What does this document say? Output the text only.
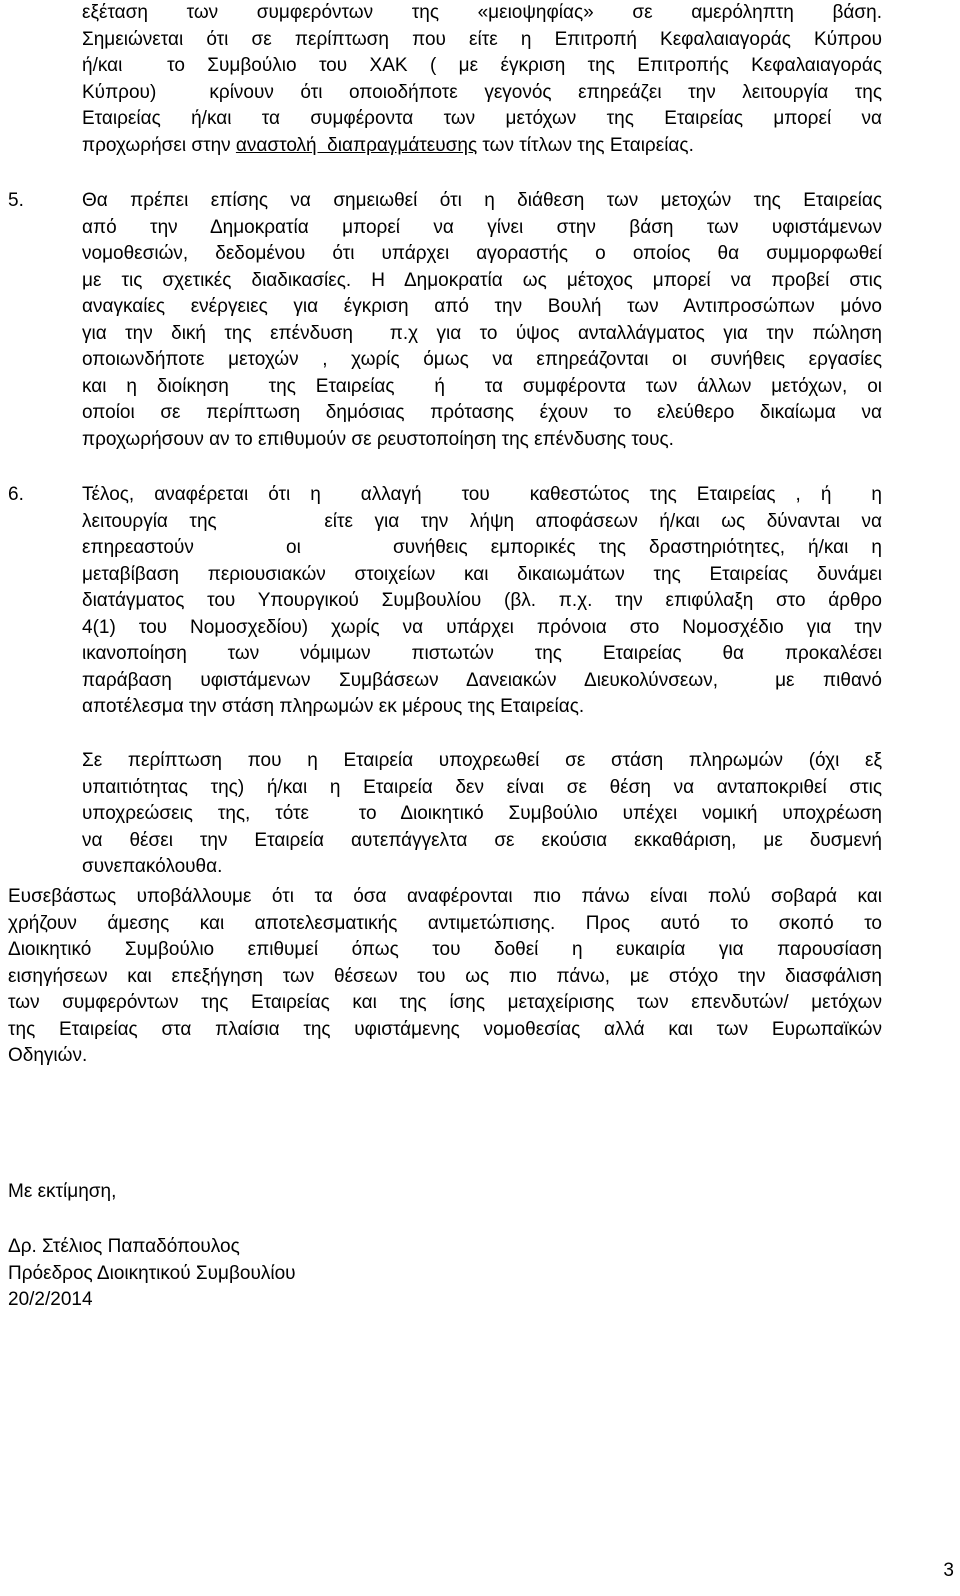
εξέταση  των  συμφερόντων  της  «μειοψηφίας»  σε  αμερόληπτη  βάση.
Σημειώνεται ότι σε περίπτωση που είτε η Επιτροπή Κεφαλαιαγοράς Κύπρου
ή/και  το Συμβούλιο του ΧΑΚ ( με έγκριση της Επιτροπής Κεφαλαιαγοράς
Κύπρου)  κρίνουν ότι οποιοδήποτε γεγονός επηρεάζει την λειτουργία της
Εταιρείας  ή/και  τα  συμφέροντα  των  μετόχων  της  Εταιρείας  μπορεί  να
προχωρήσει στην αναστολή  διαπραγμάτευσης των τίτλων της Εταιρείας.
5.	Θα πρέπει επίσης να σημειωθεί ότι η διάθεση των μετοχών της Εταιρείας
από  την  Δημοκρατία  μπορεί  να  γίνει  στην  βάση  των  υφιστάμενων
νομοθεσιών, δεδομένου ότι υπάρχει αγοραστής ο οποίος θα συμμορφωθεί
με τις σχετικές διαδικασίες. Η Δημοκρατία ως μέτοχος μπορεί να προβεί στις
αναγκαίες ενέργειες για έγκριση από την Βουλή των Αντιπροσώπων μόνο
για την δική της επένδυση  π.χ για το ύψος ανταλλάγματος για την πώληση
οποιωνδήποτε μετοχών , χωρίς όμως να επηρεάζονται οι συνήθεις εργασίες
και η διοίκηση  της Εταιρείας  ή  τα συμφέροντα των άλλων μετόχων, οι
οποίοι σε περίπτωση δημόσιας πρότασης έχουν το ελεύθερο δικαίωμα να
προχωρήσουν αν το επιθυμούν σε ρευστοποίηση της επένδυσης τους.
6.	Τέλος, αναφέρεται ότι η  αλλαγή  του  καθεστώτος της Εταιρείας , ή  η
λειτουργία της     είτε για την λήψη αποφάσεων ή/και ως δύναντaι να
επηρεαστούν    οι    συνήθεις εμπορικές της δραστηριότητες, ή/και η
μεταβίβαση περιουσιακών στοιχείων και δικαιωμάτων της Εταιρείας δυνάμει
διατάγματος του Υπουργικού Συμβουλίου (βλ. π.χ. την επιφύλαξη στο άρθρο
4(1) του Νομοσχεδίου) χωρίς να υπάρχει πρόνοια στο Νομοσχέδιο για την
ικανοποίηση  των  νόμιμων  πιστωτών  της  Εταιρείας  θα  προκαλέσει
παράβαση υφιστάμενων Συμβάσεων Δανειακών Διευκολύνσεων,  με πιθανό
αποτέλεσμα την στάση πληρωμών εκ μέρους της Εταιρείας.
Σε περίπτωση που η Εταιρεία υποχρεωθεί σε στάση πληρωμών (όχι εξ
υπαιτιότητας της) ή/και η Εταιρεία δεν είναι σε θέση να ανταποκριθεί στις
υποχρεώσεις της, τότε  το Διοικητικό Συμβούλιο υπέχει νομική υποχρέωση
να θέσει την Εταιρεία αυτεπάγγελτα σε εκούσια εκκαθάριση, με δυσμενή
συνεπακόλουθα.
Ευσεβάστως υποβάλλουμε ότι τα όσα αναφέρονται πιο πάνω είναι πολύ σοβαρά και
χρήζουν άμεσης και αποτελεσματικής αντιμετώπισης. Προς αυτό το σκοπό το
Διοικητικό Συμβούλιο επιθυμεί όπως του δοθεί η ευκαιρία για παρουσίαση
εισηγήσεων και επεξήγηση των θέσεων του ως πιο πάνω, με στόχο την διασφάλιση
των συμφερόντων της Εταιρείας και της ίσης μεταχείρισης των επενδυτών/ μετόχων
της Εταιρείας στα πλαίσια της υφιστάμενης νομοθεσίας αλλά και των Ευρωπαϊκών
Οδηγιών.
Με εκτίμηση,
Δρ. Στέλιος Παπαδόπουλος
Πρόεδρος Διοικητικού Συμβουλίου
20/2/2014
3
